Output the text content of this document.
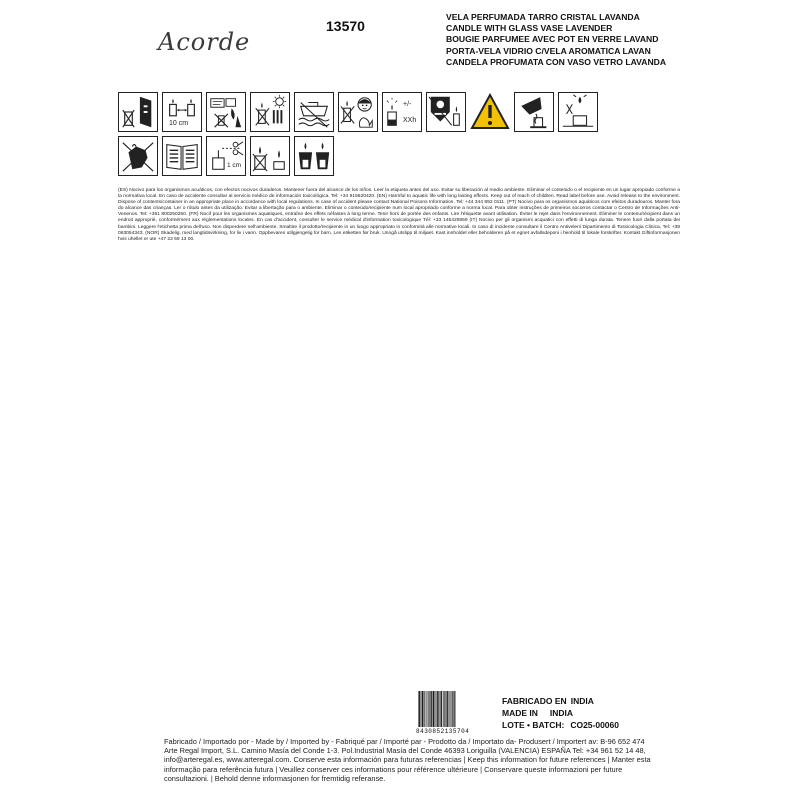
Acorde
13570
VELA PERFUMADA TARRO CRISTAL LAVANDA
CANDLE WITH GLASS VASE LAVENDER
BOUGIE PARFUMEE AVEC POT EN VERRE LAVAND
PORTA-VELA VIDRIO C/VELA AROMATICA LAVAN
CANDELA PROFUMATA CON VASO VETRO LAVANDA
10 cm
+/-
XXh
1 cm
(ES) Nocivo para los organismos acuáticos, con efectos nocivos duraderos. Mantener fuera del alcance de los niños. Leer la etiqueta antes del uso. Evitar su liberación al medio ambiente. Eliminar el contenido o el recipiente en un lugar apropiado conforme a la normativa local. En caso de accidente consultar al servicio médico de información toxicológica. Tel: +34 915620420. (EN) Harmful to aquatic life with long lasting effects. Keep out of reach of children. Read label before use. Avoid release to the environment. Dispose of contents/container in an appropriate place in accordance with local regulations. In case of accident please contact National Poisons Information. Tel: +44 344 892 0111. (PT) Nocivo para os organismos aquáticos com efeitos duradouros. Manter fora do alcance das crianças. Ler o rótulo antes da utilização. Evitar a libertação para o ambiente. Eliminar o conteúdo/recipiente num local apropriado conforme a norma local. Para obter instruções de primeiros socorros contactar o Centro de Informações Anti-Venenos. Tel: +351 800250250. (FR) Nocif pour les organismes aquatiques, entraîne des effets néfastes à long terme. Tenir hors de portée des enfants. Lire l'étiquette avant utilisation. Éviter le rejet dans l'environnement. Éliminer le contenu/récipient dans un endroit approprié, conformément aux réglementations locales. En cas d'accident, consulter le service médical d'information toxicologique Tél: +33 145425959 (IT) Nocivo per gli organismi acquatici con effetti di lunga durata. Tenere fuori dalla portata dei bambini. Leggere l'etichetta prima dell'uso. Non disperdere nell'ambiente. Smaltire il prodotto/recipiente in un luogo appropriato in conformità alle normative locali. In caso di incidente consultare il Centro Antiveleni Dipartimento di Tossicologia Clinica, Tel: +39 063054343. (NOR) Skadelig, med langtidsvirkning, for liv i vann. Oppbevares utilgjengelig for barn. Les etiketten før bruk. Unngå utslipp til miljøet. Kast innholdet eller beholderen på et egnet avfallsdeponi i henhold til lokale forskrifter. Kontakt Giftinformasjonen hvis uhellet er ute +47 22 59 13 00.
8430852135704
FABRICADO EN INDIA
MADE IN INDIA
LOTE • BATCH: CO25-00060
Fabricado / Importado por - Made by / Imported by - Fabriqué par / Importé par - Prodotto da / Importato da- Produsert / Importert av: B-96 652 474
Arte Regal Import, S.L. Camino Masía del Conde 1-3. Pol.Industrial Masía del Conde 46393 Loriguilla (VALENCIA) ESPAÑA Tel: +34 961 52 14 48,
info@arteregal.es, www.arteregal.com. Conserve esta información para futuras referencias | Keep this information for future references | Manter esta
informação para referência futura | Veuillez conserver ces informations pour référence ultérieure | Conservare queste informazioni per future
consultazioni. | Behold denne informasjonen for fremtidig referanse.
